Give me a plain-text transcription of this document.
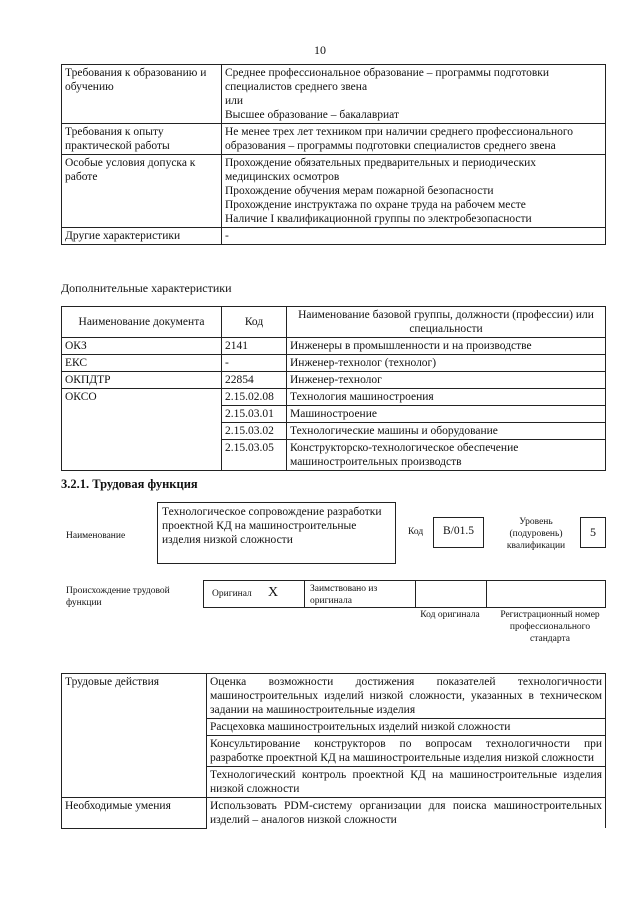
10
Требования к образованию и обучению	Среднее профессиональное образование – программы подготовки специалистов среднего звена
или
Высшее образование – бакалавриат

Требования к опыту практической работы	Не менее трех лет техником при наличии среднего профессионального образования – программы подготовки специалистов среднего звена

Особые условия допуска к работе	Прохождение обязательных предварительных и периодических медицинских осмотров
Прохождение обучения мерам пожарной безопасности
Прохождение инструктажа по охране труда на рабочем месте
Наличие I квалификационной группы по электробезопасности

Другие характеристики	-
Дополнительные характеристики
Наименование документа	Код	Наименование базовой группы, должности (профессии) или специальности
ОКЗ	2141	Инженеры в промышленности и на производстве
ЕКС	-	Инженер-технолог (технолог)
ОКПДТР	22854	Инженер-технолог
ОКСО	2.15.02.08	Технология машиностроения
	2.15.03.01	Машиностроение
	2.15.03.02	Технологические машины и оборудование
	2.15.03.05	Конструкторско-технологическое обеспечение машиностроительных производств
3.2.1. Трудовая функция
Наименование
Технологическое сопровождение разработки проектной КД на машиностроительные изделия низкой сложности
Код	B/01.5
Уровень (подуровень) квалификации
5
Происхождение трудовой функции
Оригинал X	Заимствовано из оригинала
Код оригинала	Регистрационный номер профессионального стандарта
Трудовые действия	Оценка возможности достижения показателей технологичности машиностроительных изделий низкой сложности, указанных в техническом задании на машиностроительные изделия
	Расцеховка машиностроительных изделий низкой сложности
	Консультирование конструкторов по вопросам технологичности при разработке проектной КД на машиностроительные изделия низкой сложности
	Технологический контроль проектной КД на машиностроительные изделия низкой сложности
Необходимые умения	Использовать PDM-систему организации для поиска машиностроительных изделий – аналогов низкой сложности
